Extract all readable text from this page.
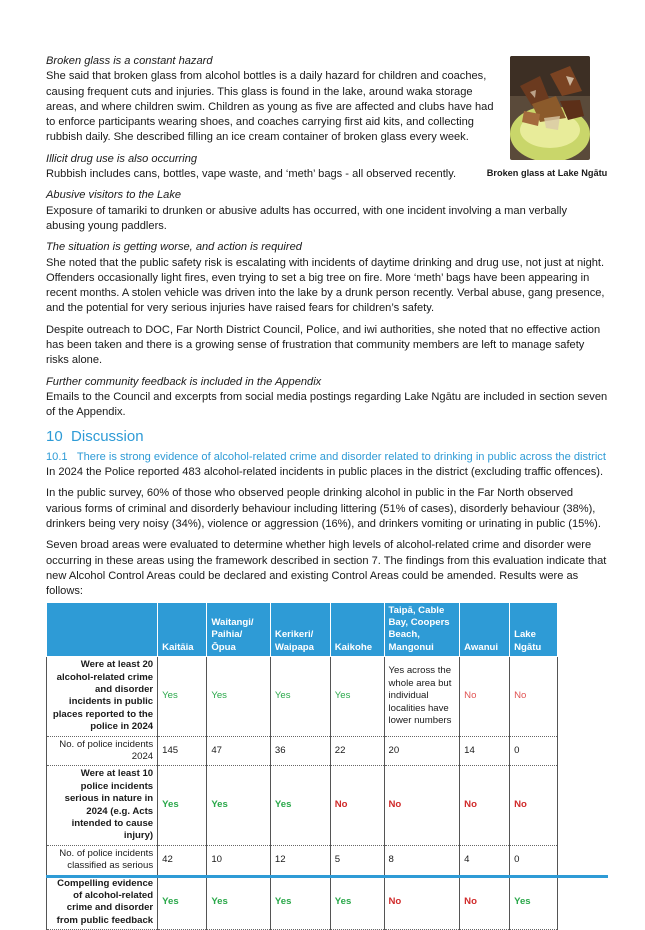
Broken glass is a constant hazard

She said that broken glass from alcohol bottles is a daily hazard for children and coaches, causing frequent cuts and injuries. This glass is found in the lake, around waka storage areas, and where children swim. Children as young as five are affected and clubs have had to enforce participants wearing shoes, and coaches carrying first aid kits, and collecting rubbish daily. She described filling an ice cream container of broken glass every week.

Illicit drug use is also occurring

Rubbish includes cans, bottles, vape waste, and ‘meth’ bags - all observed recently.	Broken glass at Lake Ngātu

Abusive visitors to the Lake

Exposure of tamariki to drunken or abusive adults has occurred, with one incident involving a man verbally abusing young paddlers.

The situation is getting worse, and action is required

She noted that the public safety risk is escalating with incidents of daytime drinking and drug use, not just at night. Offenders occasionally light fires, even trying to set a big tree on fire. More ‘meth’ bags have been appearing in recent months. A stolen vehicle was driven into the lake by a drunk person recently. Verbal abuse, gang presence, and the potential for very serious injuries have raised fears for children’s safety.

Despite outreach to DOC, Far North District Council, Police, and iwi authorities, she noted that no effective action has been taken and there is a growing sense of frustration that community members are left to manage safety risks alone.

Further community feedback is included in the Appendix

Emails to the Council and excerpts from social media postings regarding Lake Ngātu are included in section seven of the Appendix.

10 Discussion
10.1 There is strong evidence of alcohol-related crime and disorder related to drinking in public across the district

In 2024 the Police reported 483 alcohol-related incidents in public places in the district (excluding traffic offences).

In the public survey, 60% of those who observed people drinking alcohol in public in the Far North observed various forms of criminal and disorderly behaviour including littering (51% of cases), disorderly behaviour (38%), drinkers being very noisy (34%), violence or aggression (16%), and drinkers vomiting or urinating in public (15%).

Seven broad areas were evaluated to determine whether high levels of alcohol-related crime and disorder were occurring in these areas using the framework described in section 7. The findings from this evaluation indicate that new Alcohol Control Areas could be declared and existing Control Areas could be amended. Results were as follows:

	Kaitāia	Waitangi/ Paihia/Ōpua	Kerikeri/ Waipapa	Kaikohe	Taipā, Cable Bay, Coopers Beach, Mangonui	Awanui	Lake Ngātu
Were at least 20 alcohol-related crime and disorder incidents in public places reported to the police in 2024	Yes	Yes	Yes	Yes	Yes across the whole area but individual localities have lower numbers	No	No
No. of police incidents 2024	145	47	36	22	20	14	0
Were at least 10 police incidents serious in nature in 2024 (e.g. Acts intended to cause injury)	Yes	Yes	Yes	No	No	No	No
No. of police incidents classified as serious	42	10	12	5	8	4	0
Compelling evidence of alcohol-related crime and disorder from public feedback	Yes	Yes	Yes	Yes	No	No	Yes
